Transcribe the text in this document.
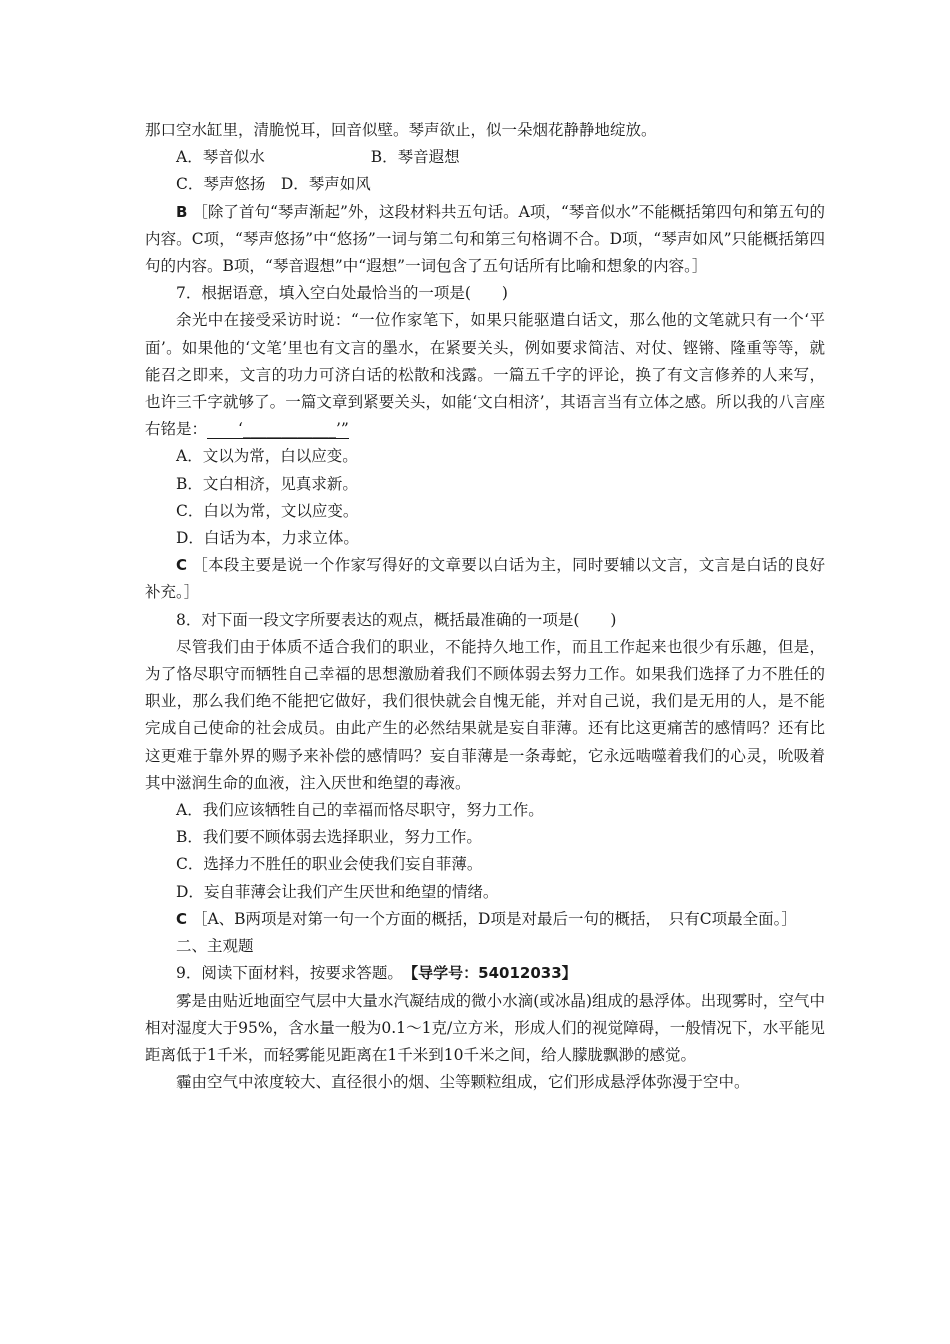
那口空水缸里，清脆悦耳，回音似壁。琴声欲止，似一朵烟花静静地绽放。

A．琴音似水	B．琴音遐想

C．琴声悠扬　D．琴声如风

B ［除了首句“琴声渐起”外，这段材料共五句话。A项，“琴音似水”不能概括第四句和第五句的内容。C项，“琴声悠扬”中“悠扬”一词与第二句和第三句格调不合。D项，“琴声如风”只能概括第四句的内容。B项，“琴音遐想”中“遐想”一词包含了五句话所有比喻和想象的内容。］

7．根据语意，填入空白处最恰当的一项是(　　)

余光中在接受采访时说：“一位作家笔下，如果只能驱遣白话文，那么他的文笔就只有一个‘平面’。如果他的‘文笔’里也有文言的墨水，在紧要关头，例如要求简洁、对仗、铿锵、隆重等等，就能召之即来，文言的功力可济白话的松散和浅露。一篇五千字的评论，换了有文言修养的人来写，也许三千字就够了。一篇文章到紧要关头，如能‘文白相济’，其语言当有立体之感。所以我的八言座右铭是： ‘____________’”

A．文以为常，白以应变。

B．文白相济，见真求新。

C．白以为常，文以应变。

D．白话为本，力求立体。

C ［本段主要是说一个作家写得好的文章要以白话为主，同时要辅以文言，文言是白话的良好补充。］

8．对下面一段文字所要表达的观点，概括最准确的一项是(　　)

尽管我们由于体质不适合我们的职业，不能持久地工作，而且工作起来也很少有乐趣，但是，为了恪尽职守而牺牲自己幸福的思想激励着我们不顾体弱去努力工作。如果我们选择了力不胜任的职业，那么我们绝不能把它做好，我们很快就会自愧无能，并对自己说，我们是无用的人，是不能完成自己使命的社会成员。由此产生的必然结果就是妄自菲薄。还有比这更痛苦的感情吗？还有比这更难于靠外界的赐予来补偿的感情吗？妄自菲薄是一条毒蛇，它永远啮噬着我们的心灵，吮吸着其中滋润生命的血液，注入厌世和绝望的毒液。

A．我们应该牺牲自己的幸福而恪尽职守，努力工作。

B．我们要不顾体弱去选择职业，努力工作。

C．选择力不胜任的职业会使我们妄自菲薄。

D．妄自菲薄会让我们产生厌世和绝望的情绪。

C ［A、B两项是对第一句一个方面的概括，D项是对最后一句的概括，　只有C项最全面。］

二、主观题

9．阅读下面材料，按要求答题。　 【导学号：54012033】

雾是由贴近地面空气层中大量水汽凝结成的微小水滴(或冰晶)组成的悬浮体。出现雾时，空气中相对湿度大于95%，含水量一般为0.1～1克/立方米，形成人们的视觉障碍，一般情况下，水平能见距离低于1千米，而轻雾能见距离在1千米到10千米之间，给人朦胧飘渺的感觉。

霾由空气中浓度较大、直径很小的烟、尘等颗粒组成，它们形成悬浮体弥漫于空中。
